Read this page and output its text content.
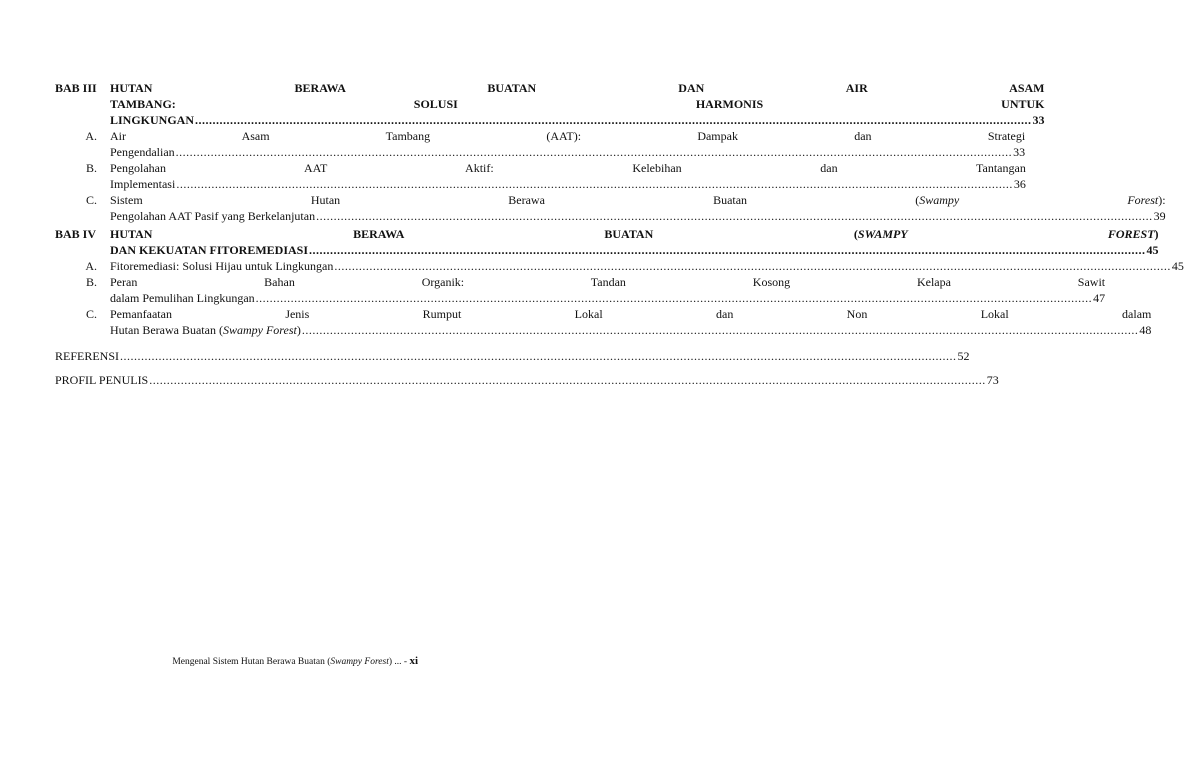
BAB III	HUTAN BERAWA BUATAN DAN AIR ASAM
TAMBANG: SOLUSI HARMONIS UNTUK
LINGKUNGAN .....	33
A.	Air Asam Tambang (AAT): Dampak dan Strategi
Pengendalian .....	33
B.	Pengolahan AAT Aktif: Kelebihan dan Tantangan
Implementasi .....	36
C.	Sistem Hutan Berawa Buatan (Swampy Forest):
Pengolahan AAT Pasif yang Berkelanjutan .....	39
BAB IV	HUTAN BERAWA BUATAN (SWAMPY FOREST)
DAN KEKUATAN FITOREMEDIASI .....	45
A.	Fitoremediasi: Solusi Hijau untuk Lingkungan .....	45
B.	Peran Bahan Organik: Tandan Kosong Kelapa Sawit
dalam Pemulihan Lingkungan .....	47
C.	Pemanfaatan Jenis Rumput Lokal dan Non Lokal dalam
Hutan Berawa Buatan (Swampy Forest) .....	48
REFERENSI .....	52
PROFIL PENULIS .....	73
Mengenal Sistem Hutan Berawa Buatan (Swampy Forest) ... - xi
